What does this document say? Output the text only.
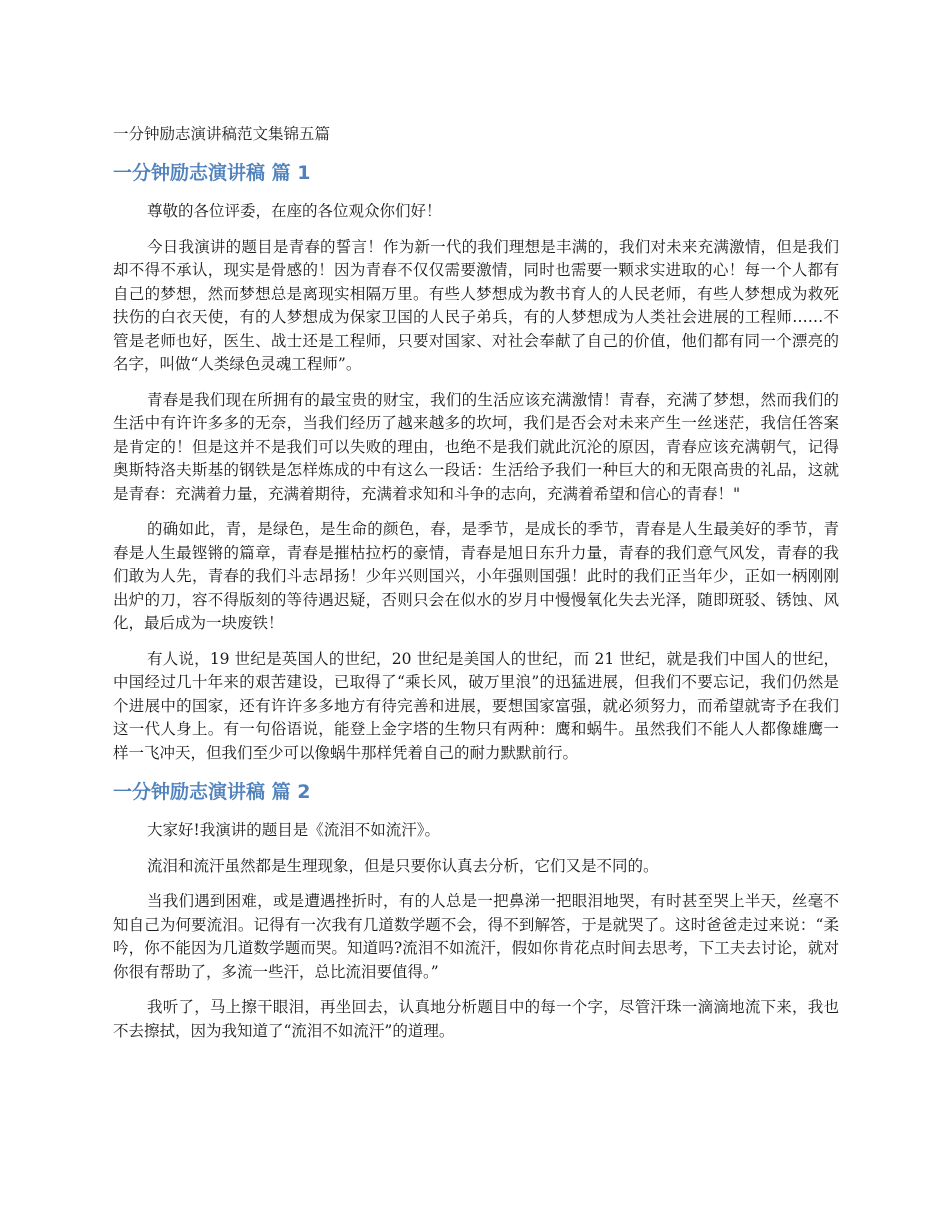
一分钟励志演讲稿范文集锦五篇
一分钟励志演讲稿 篇 1

尊敬的各位评委，在座的各位观众你们好！

今日我演讲的题目是青春的誓言！作为新一代的我们理想是丰满的，我们对未来充满激情，但是我们却不得不承认，现实是骨感的！因为青春不仅仅需要激情，同时也需要一颗求实进取的心！每一个人都有自己的梦想，然而梦想总是离现实相隔万里。有些人梦想成为教书育人的人民老师，有些人梦想成为救死扶伤的白衣天使，有的人梦想成为保家卫国的人民子弟兵，有的人梦想成为人类社会进展的工程师……不管是老师也好，医生、战士还是工程师，只要对国家、对社会奉献了自己的价值，他们都有同一个漂亮的名字，叫做“人类绿色灵魂工程师”。

青春是我们现在所拥有的最宝贵的财宝，我们的生活应该充满激情！青春，充满了梦想，然而我们的生活中有许许多多的无奈，当我们经历了越来越多的坎坷，我们是否会对未来产生一丝迷茫，我信任答案是肯定的！但是这并不是我们可以失败的理由，也绝不是我们就此沉沦的原因，青春应该充满朝气，记得奥斯特洛夫斯基的钢铁是怎样炼成的中有这么一段话：生活给予我们一种巨大的和无限高贵的礼品，这就是青春：充满着力量，充满着期待，充满着求知和斗争的志向，充满着希望和信心的青春！"

的确如此，青，是绿色，是生命的颜色，春，是季节，是成长的季节，青春是人生最美好的季节，青春是人生最铿锵的篇章，青春是摧枯拉朽的豪情，青春是旭日东升力量，青春的我们意气风发，青春的我们敢为人先，青春的我们斗志昂扬！少年兴则国兴，小年强则国强！此时的我们正当年少，正如一柄刚刚出炉的刀，容不得版刻的等待遇迟疑，否则只会在似水的岁月中慢慢氧化失去光泽，随即斑驳、锈蚀、风化，最后成为一块废铁！

有人说，19 世纪是英国人的世纪，20 世纪是美国人的世纪，而 21 世纪，就是我们中国人的世纪，中国经过几十年来的艰苦建设，已取得了“乘长风，破万里浪”的迅猛进展，但我们不要忘记，我们仍然是个进展中的国家，还有许许多多地方有待完善和进展，要想国家富强，就必须努力，而希望就寄予在我们这一代人身上。有一句俗语说，能登上金字塔的生物只有两种：鹰和蜗牛。虽然我们不能人人都像雄鹰一样一飞冲天，但我们至少可以像蜗牛那样凭着自己的耐力默默前行。

一分钟励志演讲稿 篇 2

大家好!我演讲的题目是《流泪不如流汗》。

流泪和流汗虽然都是生理现象，但是只要你认真去分析，它们又是不同的。

当我们遇到困难，或是遭遇挫折时，有的人总是一把鼻涕一把眼泪地哭，有时甚至哭上半天，丝毫不知自己为何要流泪。记得有一次我有几道数学题不会，得不到解答，于是就哭了。这时爸爸走过来说：“柔吟，你不能因为几道数学题而哭。知道吗?流泪不如流汗，假如你肯花点时间去思考，下工夫去讨论，就对你很有帮助了，多流一些汗，总比流泪要值得。”

我听了，马上擦干眼泪，再坐回去，认真地分析题目中的每一个字，尽管汗珠一滴滴地流下来，我也不去擦拭，因为我知道了“流泪不如流汗”的道理。
